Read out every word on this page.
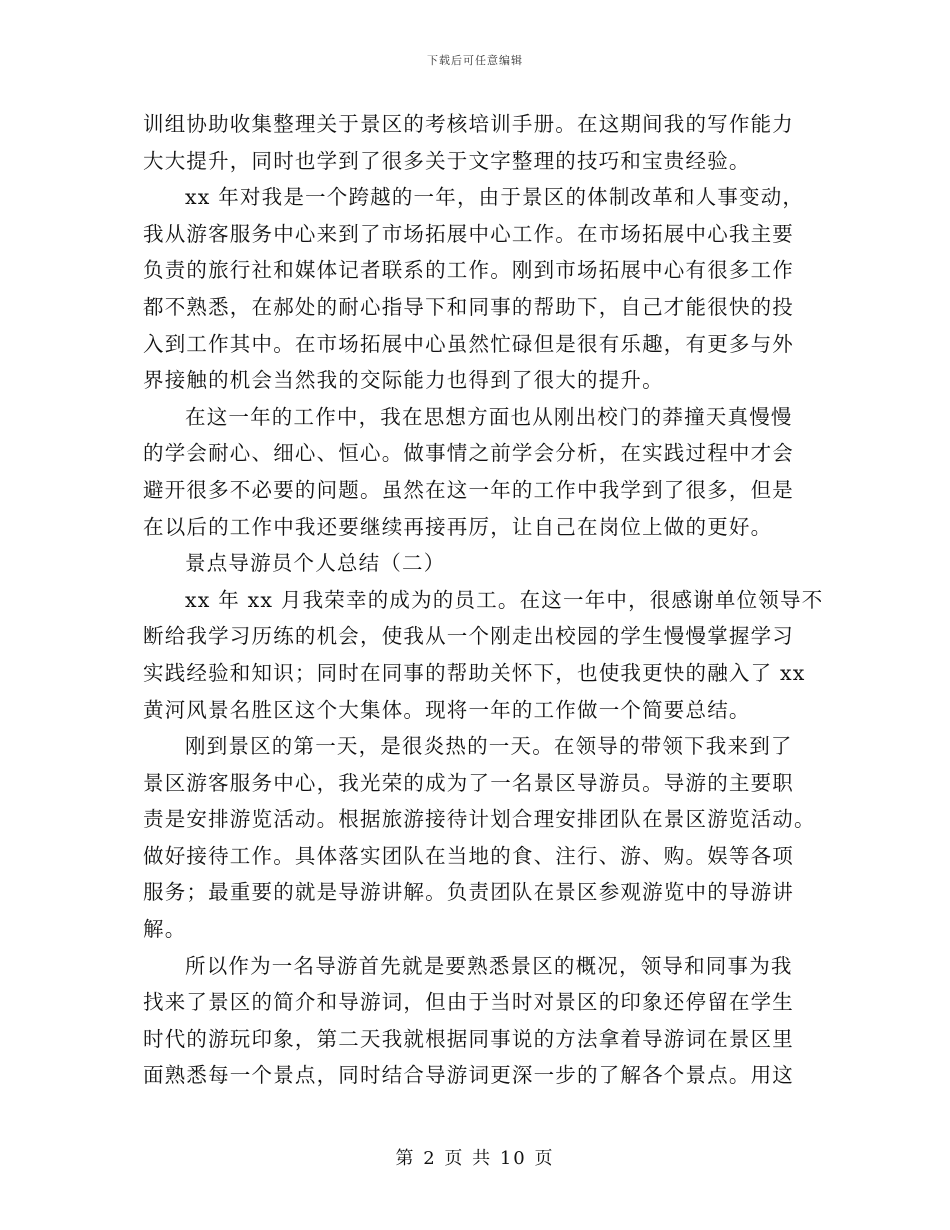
下载后可任意编辑
训组协助收集整理关于景区的考核培训手册。在这期间我的写作能力
大大提升，同时也学到了很多关于文字整理的技巧和宝贵经验。
xx 年对我是一个跨越的一年，由于景区的体制改革和人事变动，
我从游客服务中心来到了市场拓展中心工作。在市场拓展中心我主要
负责的旅行社和媒体记者联系的工作。刚到市场拓展中心有很多工作
都不熟悉，在郝处的耐心指导下和同事的帮助下，自己才能很快的投
入到工作其中。在市场拓展中心虽然忙碌但是很有乐趣，有更多与外
界接触的机会当然我的交际能力也得到了很大的提升。
在这一年的工作中，我在思想方面也从刚出校门的莽撞天真慢慢
的学会耐心、细心、恒心。做事情之前学会分析，在实践过程中才会
避开很多不必要的问题。虽然在这一年的工作中我学到了很多，但是
在以后的工作中我还要继续再接再厉，让自己在岗位上做的更好。
景点导游员个人总结（二）
xx 年 xx 月我荣幸的成为的员工。在这一年中，很感谢单位领导不
断给我学习历练的机会，使我从一个刚走出校园的学生慢慢掌握学习
实践经验和知识；同时在同事的帮助关怀下，也使我更快的融入了 xx
黄河风景名胜区这个大集体。现将一年的工作做一个简要总结。
刚到景区的第一天，是很炎热的一天。在领导的带领下我来到了
景区游客服务中心，我光荣的成为了一名景区导游员。导游的主要职
责是安排游览活动。根据旅游接待计划合理安排团队在景区游览活动。
做好接待工作。具体落实团队在当地的食、注行、游、购。娱等各项
服务；最重要的就是导游讲解。负责团队在景区参观游览中的导游讲
解。
所以作为一名导游首先就是要熟悉景区的概况，领导和同事为我
找来了景区的简介和导游词，但由于当时对景区的印象还停留在学生
时代的游玩印象，第二天我就根据同事说的方法拿着导游词在景区里
面熟悉每一个景点，同时结合导游词更深一步的了解各个景点。用这
第 2 页 共 10 页
